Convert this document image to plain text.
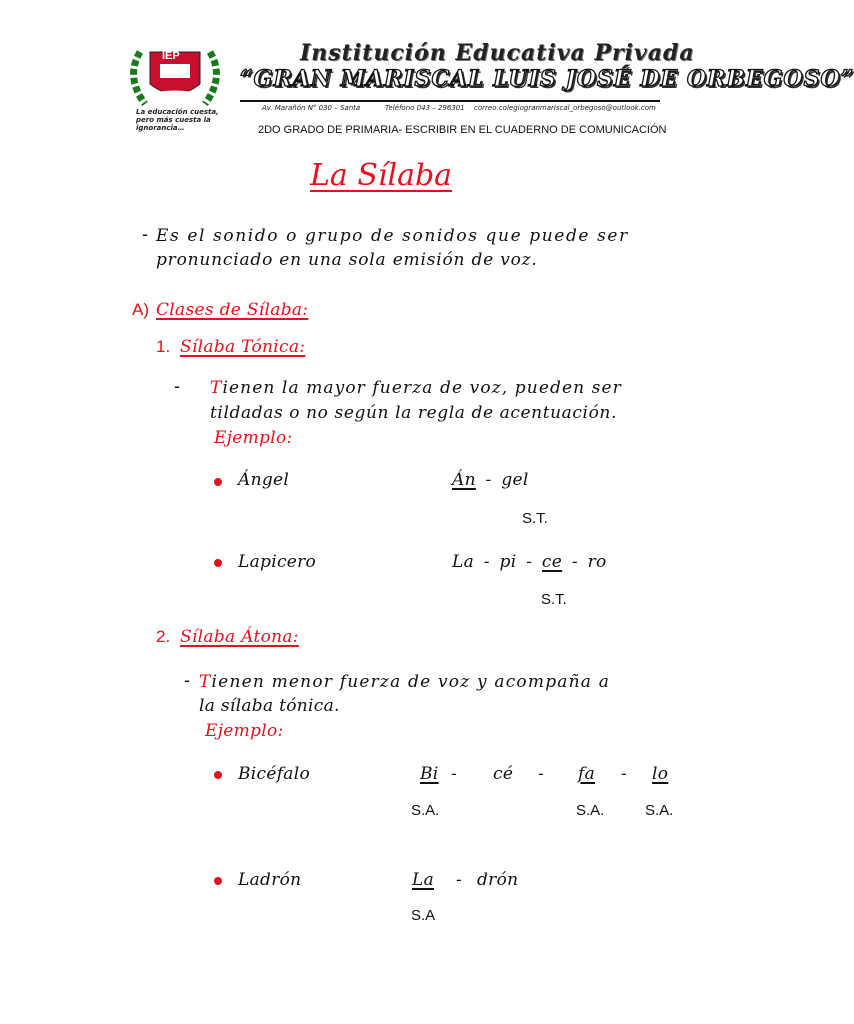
IEP	Institución Educativa Privada
“GRAN MARISCAL LUIS JOSÉ DE ORBEGOSO”
Av. Marañón N° 030 – Santa	Teléfono 043 – 296301 correo:colegiogranmariscal_orbegoso@outlook.com
La educación cuesta, pero más cuesta la ignorancia…	2DO GRADO DE PRIMARIA- ESCRIBIR EN EL CUADERNO DE COMUNICACIÓN
La Sílaba
- Es el sonido o grupo de sonidos que puede ser
pronunciado en una sola emisión de voz.
A) Clases de Sílaba:
1. Sílaba Tónica:
- Tienen la mayor fuerza de voz, pueden ser
tildadas o no según la regla de acentuación.
Ejemplo:
Ángel	Án - gel
S.T.
Lapicero	La - pi - ce - ro
S.T.
2. Sílaba Átona:
- Tienen menor fuerza de voz y acompaña a
la sílaba tónica.
Ejemplo:
Bicéfalo	Bi - cé - fa - lo
S.A.	S.A.	S.A.
Ladrón	La - drón
S.A
